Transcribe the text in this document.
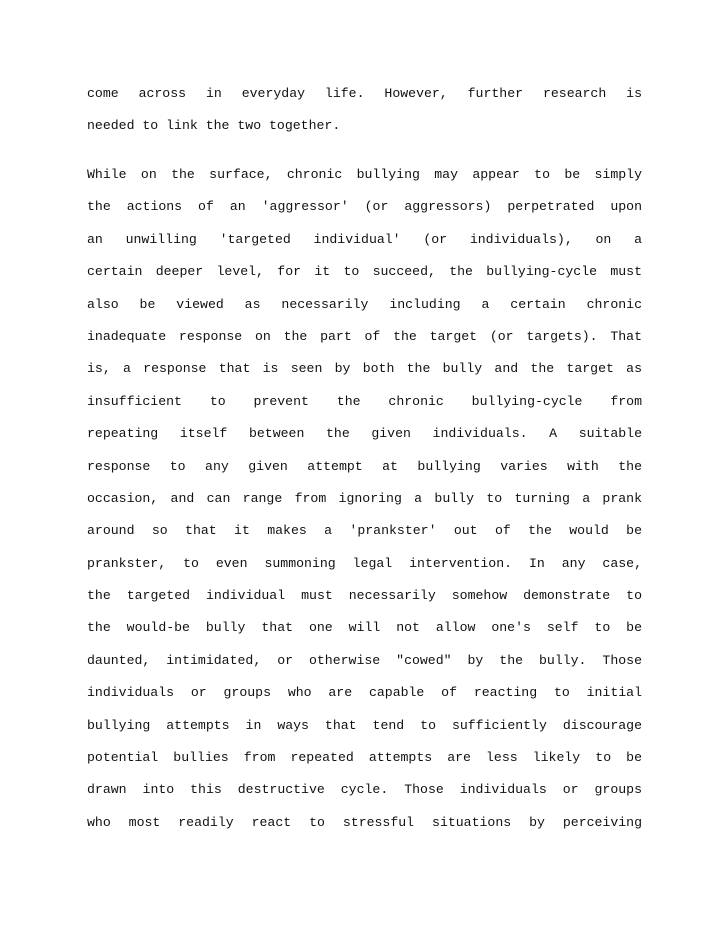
come across in everyday life. However, further research is
needed to link the two together.
While on the surface, chronic bullying may appear to be simply
the actions of an 'aggressor' (or aggressors) perpetrated upon
an unwilling 'targeted individual' (or individuals), on a
certain deeper level, for it to succeed, the bullying-cycle must
also be viewed as necessarily including a certain chronic
inadequate response on the part of the target (or targets). That
is, a response that is seen by both the bully and the target as
insufficient to prevent the chronic bullying-cycle from
repeating itself between the given individuals. A suitable
response to any given attempt at bullying varies with the
occasion, and can range from ignoring a bully to turning a prank
around so that it makes a 'prankster' out of the would be
prankster, to even summoning legal intervention. In any case,
the targeted individual must necessarily somehow demonstrate to
the would-be bully that one will not allow one's self to be
daunted, intimidated, or otherwise "cowed" by the bully. Those
individuals or groups who are capable of reacting to initial
bullying attempts in ways that tend to sufficiently discourage
potential bullies from repeated attempts are less likely to be
drawn into this destructive cycle. Those individuals or groups
who most readily react to stressful situations by perceiving
